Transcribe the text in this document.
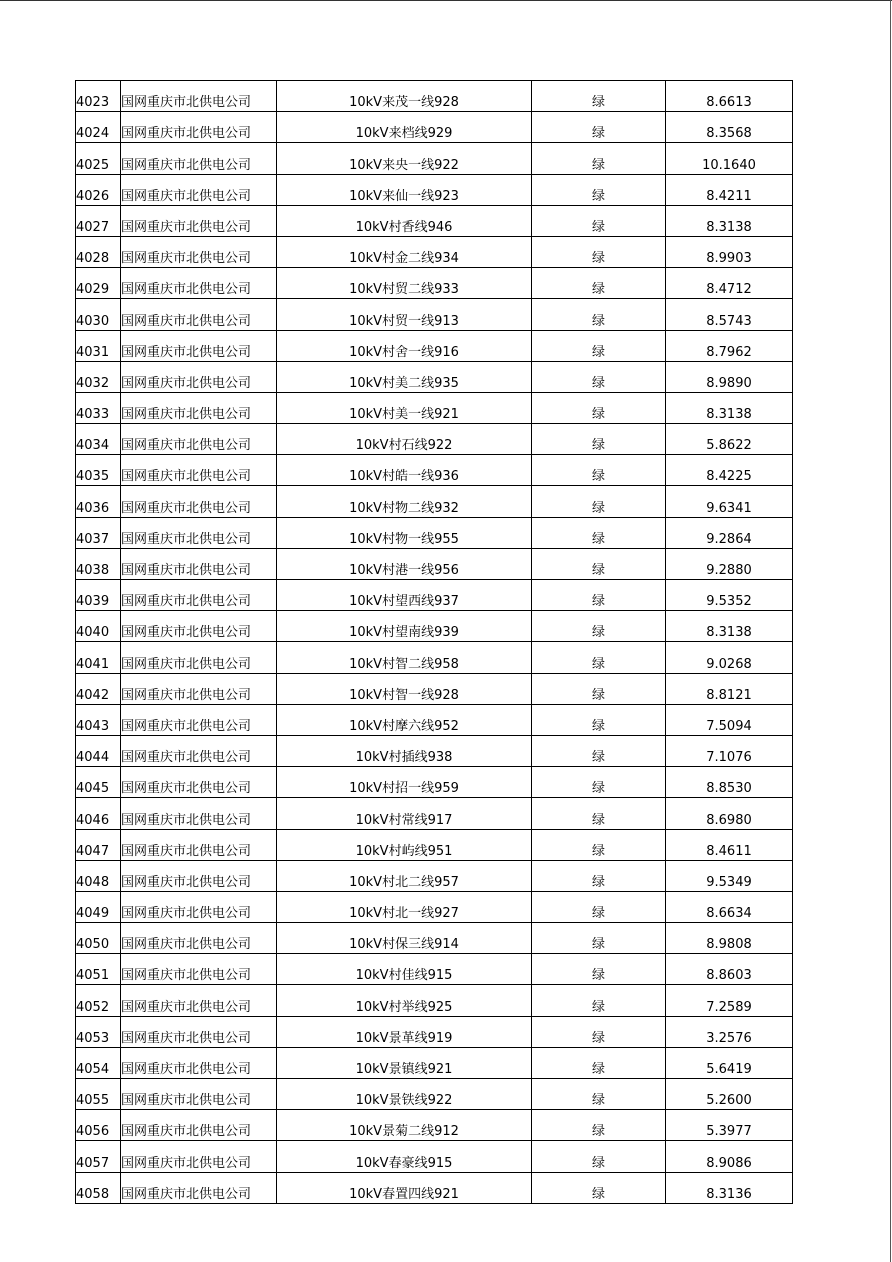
4023	国网重庆市北供电公司	10kV来茂一线928	绿	8.6613
4024	国网重庆市北供电公司	10kV来档线929	绿	8.3568
4025	国网重庆市北供电公司	10kV来央一线922	绿	10.1640
4026	国网重庆市北供电公司	10kV来仙一线923	绿	8.4211
4027	国网重庆市北供电公司	10kV村香线946	绿	8.3138
4028	国网重庆市北供电公司	10kV村金二线934	绿	8.9903
4029	国网重庆市北供电公司	10kV村贸二线933	绿	8.4712
4030	国网重庆市北供电公司	10kV村贸一线913	绿	8.5743
4031	国网重庆市北供电公司	10kV村舍一线916	绿	8.7962
4032	国网重庆市北供电公司	10kV村美二线935	绿	8.9890
4033	国网重庆市北供电公司	10kV村美一线921	绿	8.3138
4034	国网重庆市北供电公司	10kV村石线922	绿	5.8622
4035	国网重庆市北供电公司	10kV村皓一线936	绿	8.4225
4036	国网重庆市北供电公司	10kV村物二线932	绿	9.6341
4037	国网重庆市北供电公司	10kV村物一线955	绿	9.2864
4038	国网重庆市北供电公司	10kV村港一线956	绿	9.2880
4039	国网重庆市北供电公司	10kV村望西线937	绿	9.5352
4040	国网重庆市北供电公司	10kV村望南线939	绿	8.3138
4041	国网重庆市北供电公司	10kV村智二线958	绿	9.0268
4042	国网重庆市北供电公司	10kV村智一线928	绿	8.8121
4043	国网重庆市北供电公司	10kV村摩六线952	绿	7.5094
4044	国网重庆市北供电公司	10kV村插线938	绿	7.1076
4045	国网重庆市北供电公司	10kV村招一线959	绿	8.8530
4046	国网重庆市北供电公司	10kV村常线917	绿	8.6980
4047	国网重庆市北供电公司	10kV村屿线951	绿	8.4611
4048	国网重庆市北供电公司	10kV村北二线957	绿	9.5349
4049	国网重庆市北供电公司	10kV村北一线927	绿	8.6634
4050	国网重庆市北供电公司	10kV村保三线914	绿	8.9808
4051	国网重庆市北供电公司	10kV村佳线915	绿	8.8603
4052	国网重庆市北供电公司	10kV村举线925	绿	7.2589
4053	国网重庆市北供电公司	10kV景革线919	绿	3.2576
4054	国网重庆市北供电公司	10kV景镇线921	绿	5.6419
4055	国网重庆市北供电公司	10kV景铁线922	绿	5.2600
4056	国网重庆市北供电公司	10kV景菊二线912	绿	5.3977
4057	国网重庆市北供电公司	10kV春豪线915	绿	8.9086
4058	国网重庆市北供电公司	10kV春置四线921	绿	8.3136
